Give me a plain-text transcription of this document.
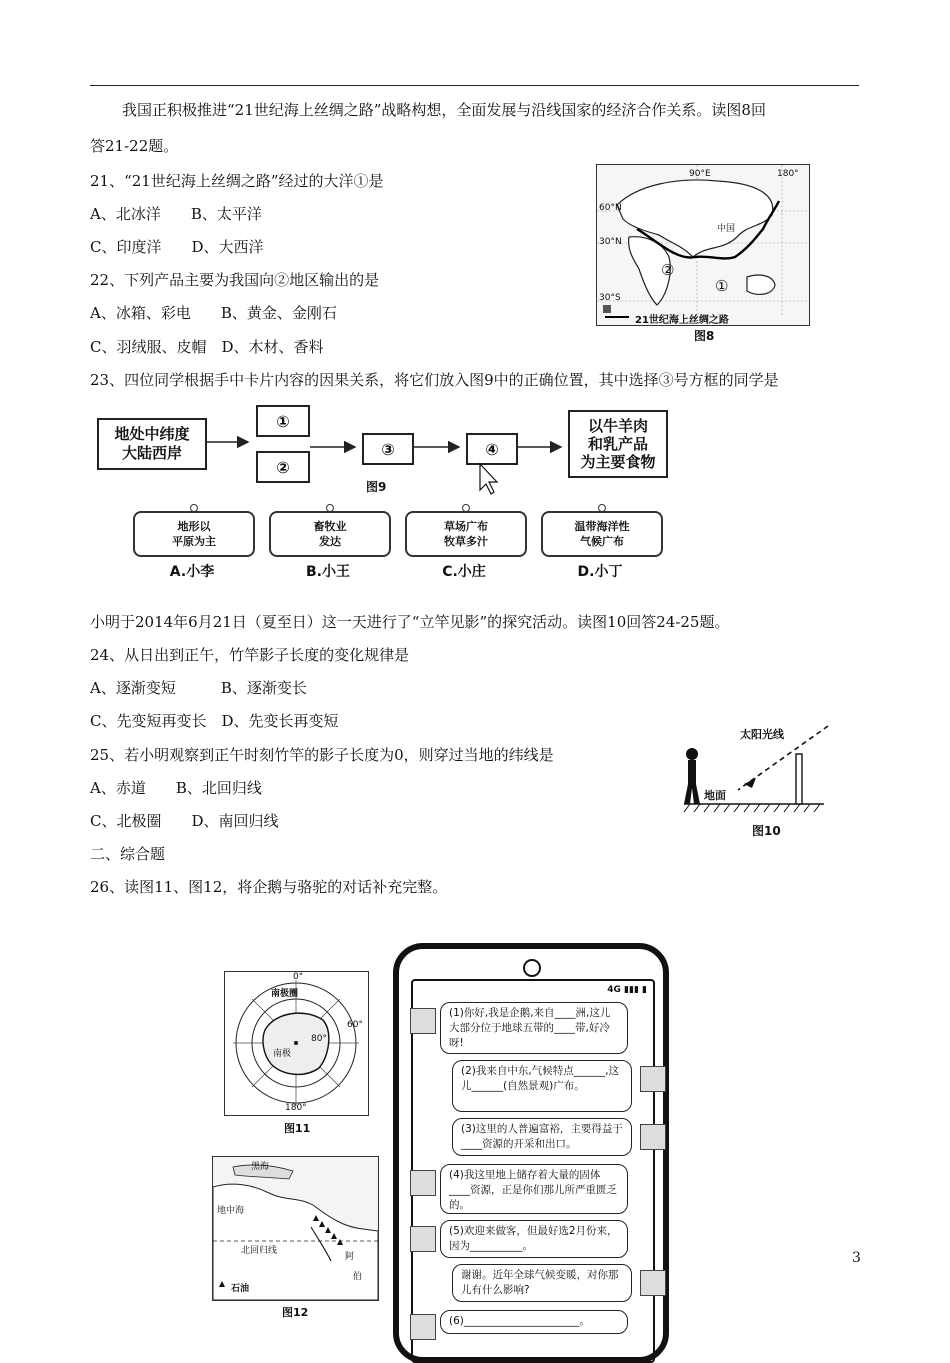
我国正积极推进“21世纪海上丝绸之路”战略构想，全面发展与沿线国家的经济合作关系。读图8回
答21-22题。
21、“21世纪海上丝绸之路”经过的大洋①是
A、北冰洋　　B、太平洋
C、印度洋　　D、大西洋
22、下列产品主要为我国向②地区输出的是
A、冰箱、彩电　　B、黄金、金刚石
C、羽绒服、皮帽　D、木材、香料
90°E	180°
60°N
30°N
30°S
中国
②
①
21世纪海上丝绸之路
图8
23、四位同学根据手中卡片内容的因果关系，将它们放入图9中的正确位置，其中选择③号方框的同学是
地处中纬度
大陆西岸
①
②
③	④
以牛羊肉
和乳产品
为主要食物
图9
地形以
平原为主
畜牧业
发达
草场广布
牧草多汁
温带海洋性
气候广布
A.小李	B.小王	C.小庄	D.小丁
小明于2014年6月21日（夏至日）这一天进行了“立竿见影”的探究活动。读图10回答24-25题。
24、从日出到正午，竹竿影子长度的变化规律是
A、逐渐变短　　　B、逐渐变长
C、先变短再变长　D、先变长再变短
25、若小明观察到正午时刻竹竿的影子长度为0，则穿过当地的纬线是
A、赤道　　B、北回归线
C、北极圈　　D、南回归线
太阳光线
地面
图10
二、综合题
26、读图11、图12，将企鹅与骆驼的对话补充完整。
0°
180°
60°
80°
南极圈
南极
图11
黑海
地中海
北回归线
阿
伯
石油
图12
4G ▮▮▮ ▮
(1)你好,我是企鹅,来自____洲,这儿大部分位于地球五带的____带,好冷呀!
(2)我来自中东,气候特点______,这儿______(自然景观)广布。
(3)这里的人普遍富裕，主要得益于____资源的开采和出口。
(4)我这里地上储存着大量的固体____资源，正是你们那儿所严重匮乏的。
(5)欢迎来做客，但最好选2月份来，因为__________。
谢谢。近年全球气候变暖，对你那儿有什么影响?
(6)______________________。
3
